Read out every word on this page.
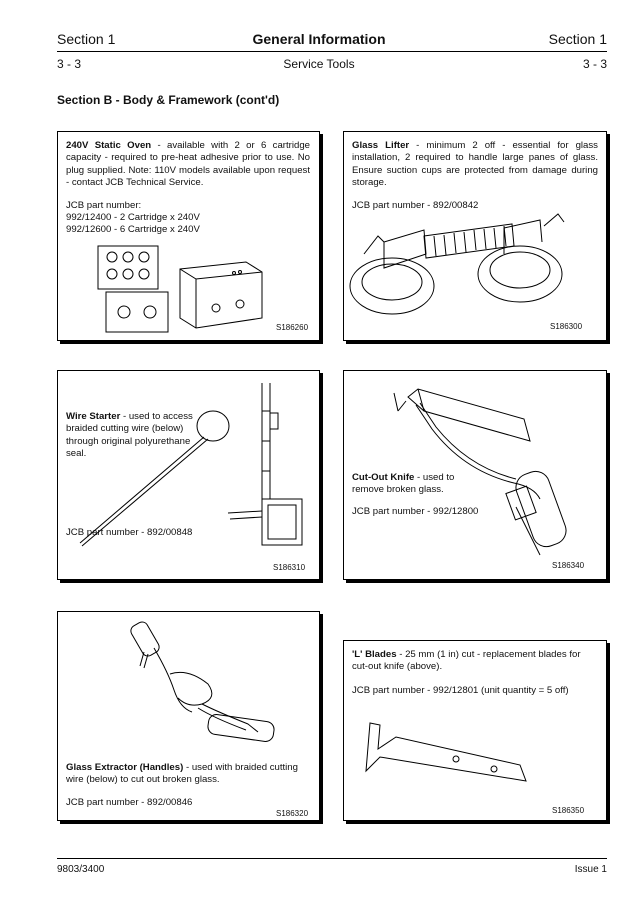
Section 1	General Information	Section 1
3 - 3	Service Tools	3 - 3
Section B - Body & Framework (cont'd)
240V Static Oven - available with 2 or 6 cartridge capacity - required to pre-heat adhesive prior to use. No plug supplied. Note: 110V models available upon request - contact JCB Technical Service.
JCB part number:
992/12400 - 2 Cartridge x 240V
992/12600 - 6 Cartridge x 240V
S186260
Glass Lifter - minimum 2 off - essential for glass installation, 2 required to handle large panes of glass. Ensure suction cups are protected from damage during storage.
JCB part number - 892/00842
S186300
Wire Starter - used to access braided cutting wire (below) through original polyurethane seal.
JCB part number - 892/00848
S186310
Cut-Out Knife - used to remove broken glass.
JCB part number - 992/12800
S186340
Glass Extractor (Handles) - used with braided cutting wire (below) to cut out broken glass.
JCB part number - 892/00846
S186320
'L' Blades - 25 mm (1 in) cut - replacement blades for cut-out knife (above).
JCB part number - 992/12801 (unit quantity = 5 off)
S186350
9803/3400	Issue 1
